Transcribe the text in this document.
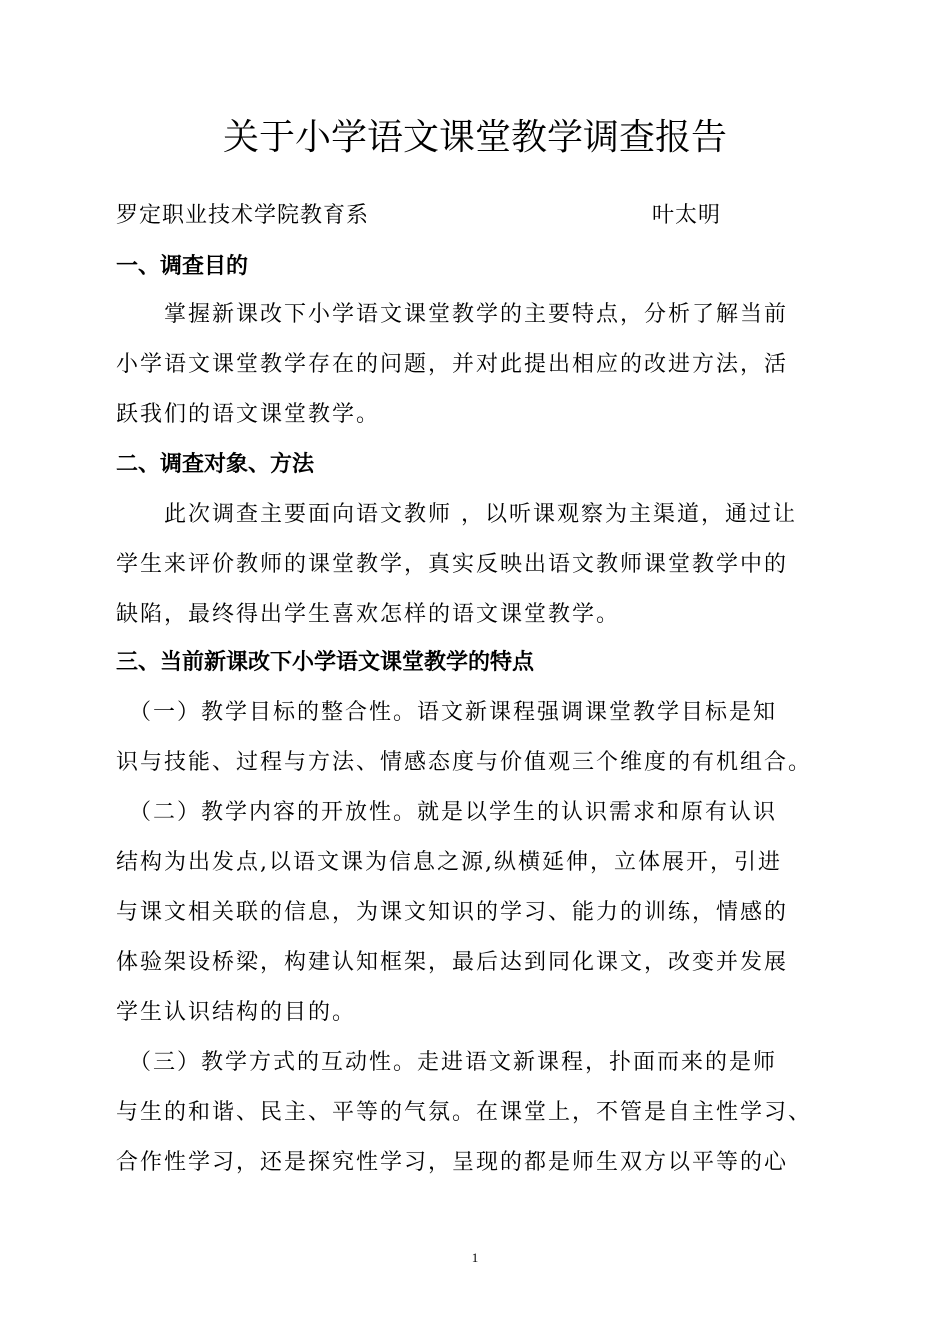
关于小学语文课堂教学调查报告
罗定职业技术学院教育系	叶太明
一、调查目的
　　掌握新课改下小学语文课堂教学的主要特点，分析了解当前
小学语文课堂教学存在的问题，并对此提出相应的改进方法，活
跃我们的语文课堂教学。
二、调查对象、方法
　　此次调查主要面向语文教师 ，以听课观察为主渠道，通过让
学生来评价教师的课堂教学，真实反映出语文教师课堂教学中的
缺陷，最终得出学生喜欢怎样的语文课堂教学。
三、当前新课改下小学语文课堂教学的特点
　（一）教学目标的整合性。语文新课程强调课堂教学目标是知
识与技能、过程与方法、情感态度与价值观三个维度的有机组合。
　（二）教学内容的开放性。就是以学生的认识需求和原有认识
结构为出发点,以语文课为信息之源,纵横延伸，立体展开，引进
与课文相关联的信息，为课文知识的学习、能力的训练，情感的
体验架设桥梁，构建认知框架，最后达到同化课文，改变并发展
学生认识结构的目的。
　（三）教学方式的互动性。走进语文新课程，扑面而来的是师
与生的和谐、民主、平等的气氛。在课堂上，不管是自主性学习、
合作性学习，还是探究性学习，呈现的都是师生双方以平等的心
1
